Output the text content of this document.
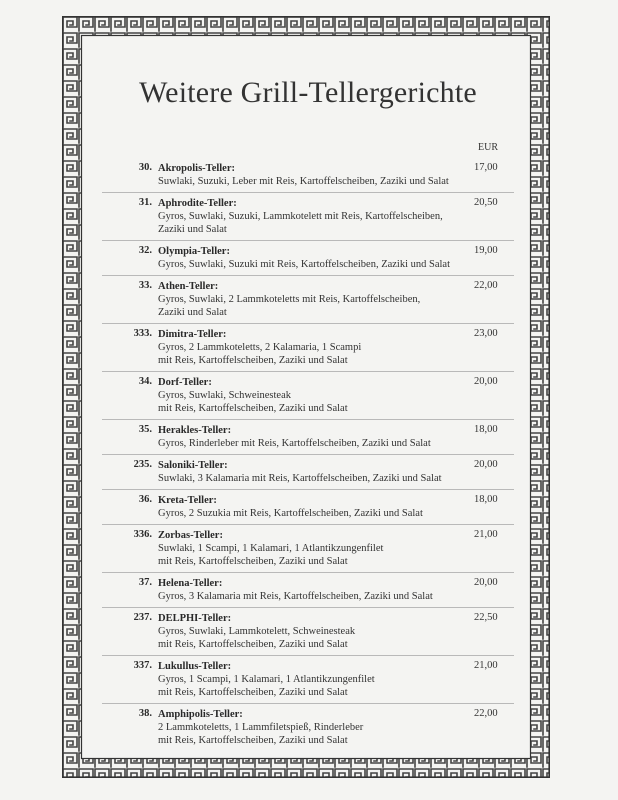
Weitere Grill-Tellergerichte
EUR
30. Akropolis-Teller:
Suwlaki, Suzuki, Leber mit Reis, Kartoffelscheiben, Zaziki und Salat
17,00
31. Aphrodite-Teller:
Gyros, Suwlaki, Suzuki, Lammkotelett mit Reis, Kartoffelscheiben,
Zaziki und Salat
20,50
32. Olympia-Teller:
Gyros, Suwlaki, Suzuki mit Reis, Kartoffelscheiben, Zaziki und Salat
19,00
33. Athen-Teller:
Gyros, Suwlaki, 2 Lammkoteletts mit Reis, Kartoffelscheiben,
Zaziki und Salat
22,00
333. Dimitra-Teller:
Gyros, 2 Lammkoteletts, 2 Kalamaria, 1 Scampi
mit Reis, Kartoffelscheiben, Zaziki und Salat
23,00
34. Dorf-Teller:
Gyros, Suwlaki, Schweinesteak
mit Reis, Kartoffelscheiben, Zaziki und Salat
20,00
35. Herakles-Teller:
Gyros, Rinderleber mit Reis, Kartoffelscheiben, Zaziki und Salat
18,00
235. Saloniki-Teller:
Suwlaki, 3 Kalamaria mit Reis, Kartoffelscheiben, Zaziki und Salat
20,00
36. Kreta-Teller:
Gyros, 2 Suzukia mit Reis, Kartoffelscheiben, Zaziki und Salat
18,00
336. Zorbas-Teller:
Suwlaki, 1 Scampi, 1 Kalamari, 1 Atlantikzungenfilet
mit Reis, Kartoffelscheiben, Zaziki und Salat
21,00
37. Helena-Teller:
Gyros, 3 Kalamaria mit Reis, Kartoffelscheiben, Zaziki und Salat
20,00
237. DELPHI-Teller:
Gyros, Suwlaki, Lammkotelett, Schweinesteak
mit Reis, Kartoffelscheiben, Zaziki und Salat
22,50
337. Lukullus-Teller:
Gyros, 1 Scampi, 1 Kalamari, 1 Atlantikzungenfilet
mit Reis, Kartoffelscheiben, Zaziki und Salat
21,00
38. Amphipolis-Teller:
2 Lammkoteletts, 1 Lammfiletspieß, Rinderleber
mit Reis, Kartoffelscheiben, Zaziki und Salat
22,00
